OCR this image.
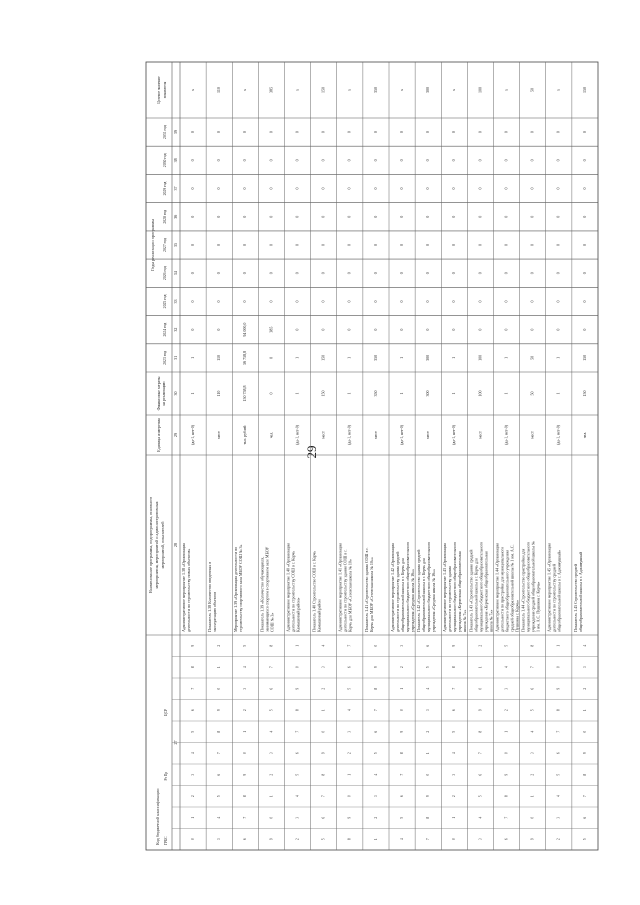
29
Код бюджетной классификации ГРБС
Рз Пр
ЦСР
Наименование программы, подпрограммы, основного мероприятия, мероприятий и административных мероприятий, показателей
Единица измерения
Финансовые затраты на реализацию
Годы реализации программы
2023 год
2024 год
2025 год
2026 год
2027 год
2028 год
2029 год
2030 год
2031 год
Целевое значение показателя
27
28
29
30
31
32
33
34
35
36
37
38
39
0
1
2
3
4
5
6
7
8
9
Административное мероприятие 1.38 «Организация деятельности по строительству новых объектов»
(да-1, нет-0)
1
1
0
0
0
0
0
0
0
0
х
3
4
5
6
7
8
9
0
1
2
Показатель 1.38 Количество введенных в эксплуатацию объектов
мест
110
110
0
0
0
0
0
0
0
0
110
6
7
8
9
0
1
2
3
4
5
Мероприятие 1.39 «Организация деятельности по строительству спортивного зала МБОУ СОШ № 3»
тыс. рублей
150 758,8
56 758,8
94 000,0
0
0
0
0
0
0
0
х
9
0
1
2
3
4
5
6
7
8
Показатель 1.39 «Количество обучающихся, занимающихся спортом в спортивном зале МБОУ СОШ № 3»
чел.
0
0
385
0
0
0
0
0
0
0
385
2
3
4
5
6
7
8
9
0
1
Административное мероприятие 1.40 «Организация деятельности по строительству СОШ в г. Керчь Камышовый район»
(да-1, нет-0)
1
1
0
0
0
0
0
0
0
0
х
5
6
7
8
9
0
1
2
3
4
Показатель 1.40 Строительство СОШ в г. Керчь Камышовый район
мест
150
150
0
0
0
0
0
0
0
0
150
8
9
0
1
2
3
4
5
6
7
Административное мероприятие 1.41 «Организация деятельности по строительству здания СОШ в г. Керчь для МБОУ «Сезенская школа № 10»
(да-1, нет-0)
1
1
0
0
0
0
0
0
0
0
х
1
2
3
4
5
6
7
8
9
0
Показатель 1.41 «Строительство здания СОШ в г. Керчь для МБОУ «Сезенская школа № 10»»
мест
350
350
0
0
0
0
0
0
0
0
350
4
5
6
7
8
9
0
1
2
3
Административное мероприятие 1.42 «Организация деятельности по строительству здания средней общеобразовательной школы в г. Керчь для муниципального бюджетного общеобразовательного учреждения «Средняя школа № 16»»
(да-1, нет-0)
1
1
0
0
0
0
0
0
0
0
х
7
8
9
0
1
2
3
4
5
6
Показатель 1.42 «Строительство здания средней общеобразовательной школы в г. Керчь для муниципального бюджетного общеобразовательного учреждения «Средняя школа № 16»»
мест
300
300
0
0
0
0
0
0
0
0
300
0
1
2
3
4
5
6
7
8
9
Административное мероприятие 1.43 «Организация деятельности по строительству здания муниципального бюджетного общеобразовательного учреждения «Керченская общеобразовательная школа № 7»»
(да-1, нет-0)
1
1
0
0
0
0
0
0
0
0
х
3
4
5
6
7
8
9
0
1
2
Показатель 1.43 «Строительство здания средней общеобразовательной школы в г. Керчь для муниципального бюджетного общеобразовательного учреждения «Керченская общеобразовательная школа № 7»»
мест
100
100
0
0
0
0
0
0
0
0
100
6
7
8
9
0
1
2
3
4
5
Административное мероприятие 1.44 «Организация деятельности по пристройке для муниципального бюджетного общеобразовательного учреждения средней общеобразовательной школы № 1 им. А.С. Пушкина г. Керчь»
(да-1, нет-0)
1
1
0
0
0
0
0
0
0
0
х
9
0
1
2
3
4
5
6
7
8
Показатель 1.44 «Строительство пристройки для муниципального бюджетного общеобразовательного учреждения средней общеобразовательной школы № 1 им. А.С. Пушкина г. Керчь»
мест
50
50
0
0
0
0
0
0
0
0
50
2
3
4
5
6
7
8
9
0
1
Административное мероприятие 1.45 «Организация деятельности по строительству средней общеобразовательной школы в г. Аджимушкай»
(да-1, нет-0)
1
1
0
0
0
0
0
0
0
0
х
5
6
7
8
9
0
1
2
3
4
Показатель 1.45 Строительство средней общеобразовательной школы в г. Аджимушкай
чел.
150
150
0
0
0
0
0
0
0
0
150
